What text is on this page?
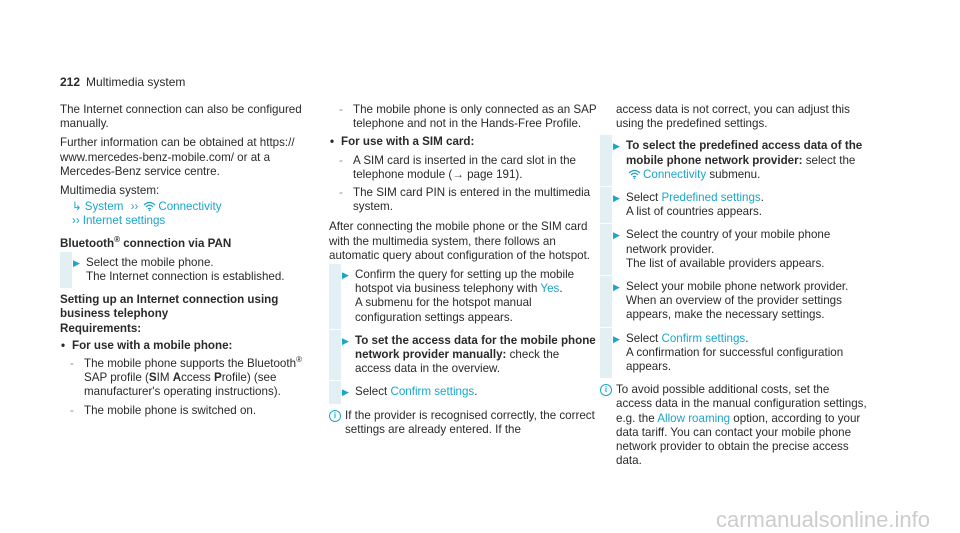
212 Multimedia system

The Internet connection can also be configured manually.

Further information can be obtained at https:// www.mercedes-benz-mobile.com/ or at a Mercedes-Benz service centre.

Multimedia system:

↳ System ›› Connectivity
›› Internet settings

Bluetooth® connection via PAN

▶ Select the mobile phone.
The Internet connection is established.

Setting up an Internet connection using business telephony

Requirements:

• For use with a mobile phone:
- The mobile phone supports the Bluetooth® SAP profile (SIM Access Profile) (see manufacturer's operating instructions).
- The mobile phone is switched on.
- The mobile phone is only connected as an SAP telephone and not in the Hands-Free Profile.
• For use with a SIM card:
- A SIM card is inserted in the card slot in the telephone module (→ page 191).
- The SIM card PIN is entered in the multimedia system.

After connecting the mobile phone or the SIM card with the multimedia system, there follows an automatic query about configuration of the hotspot.

▶ Confirm the query for setting up the mobile hotspot via business telephony with Yes.
A submenu for the hotspot manual configuration settings appears.
▶ To set the access data for the mobile phone network provider manually: check the access data in the overview.
▶ Select Confirm settings.
i If the provider is recognised correctly, the correct settings are already entered. If the

access data is not correct, you can adjust this using the predefined settings.

▶ To select the predefined access data of the mobile phone network provider: select the Connectivity submenu.
▶ Select Predefined settings.
A list of countries appears.
▶ Select the country of your mobile phone network provider.
The list of available providers appears.
▶ Select your mobile phone network provider.
When an overview of the provider settings appears, make the necessary settings.
▶ Select Confirm settings.
A confirmation for successful configuration appears.
i To avoid possible additional costs, set the access data in the manual configuration settings, e.g. the Allow roaming option, according to your data tariff. You can contact your mobile phone network provider to obtain the precise access data.
carmanualsonline.info
